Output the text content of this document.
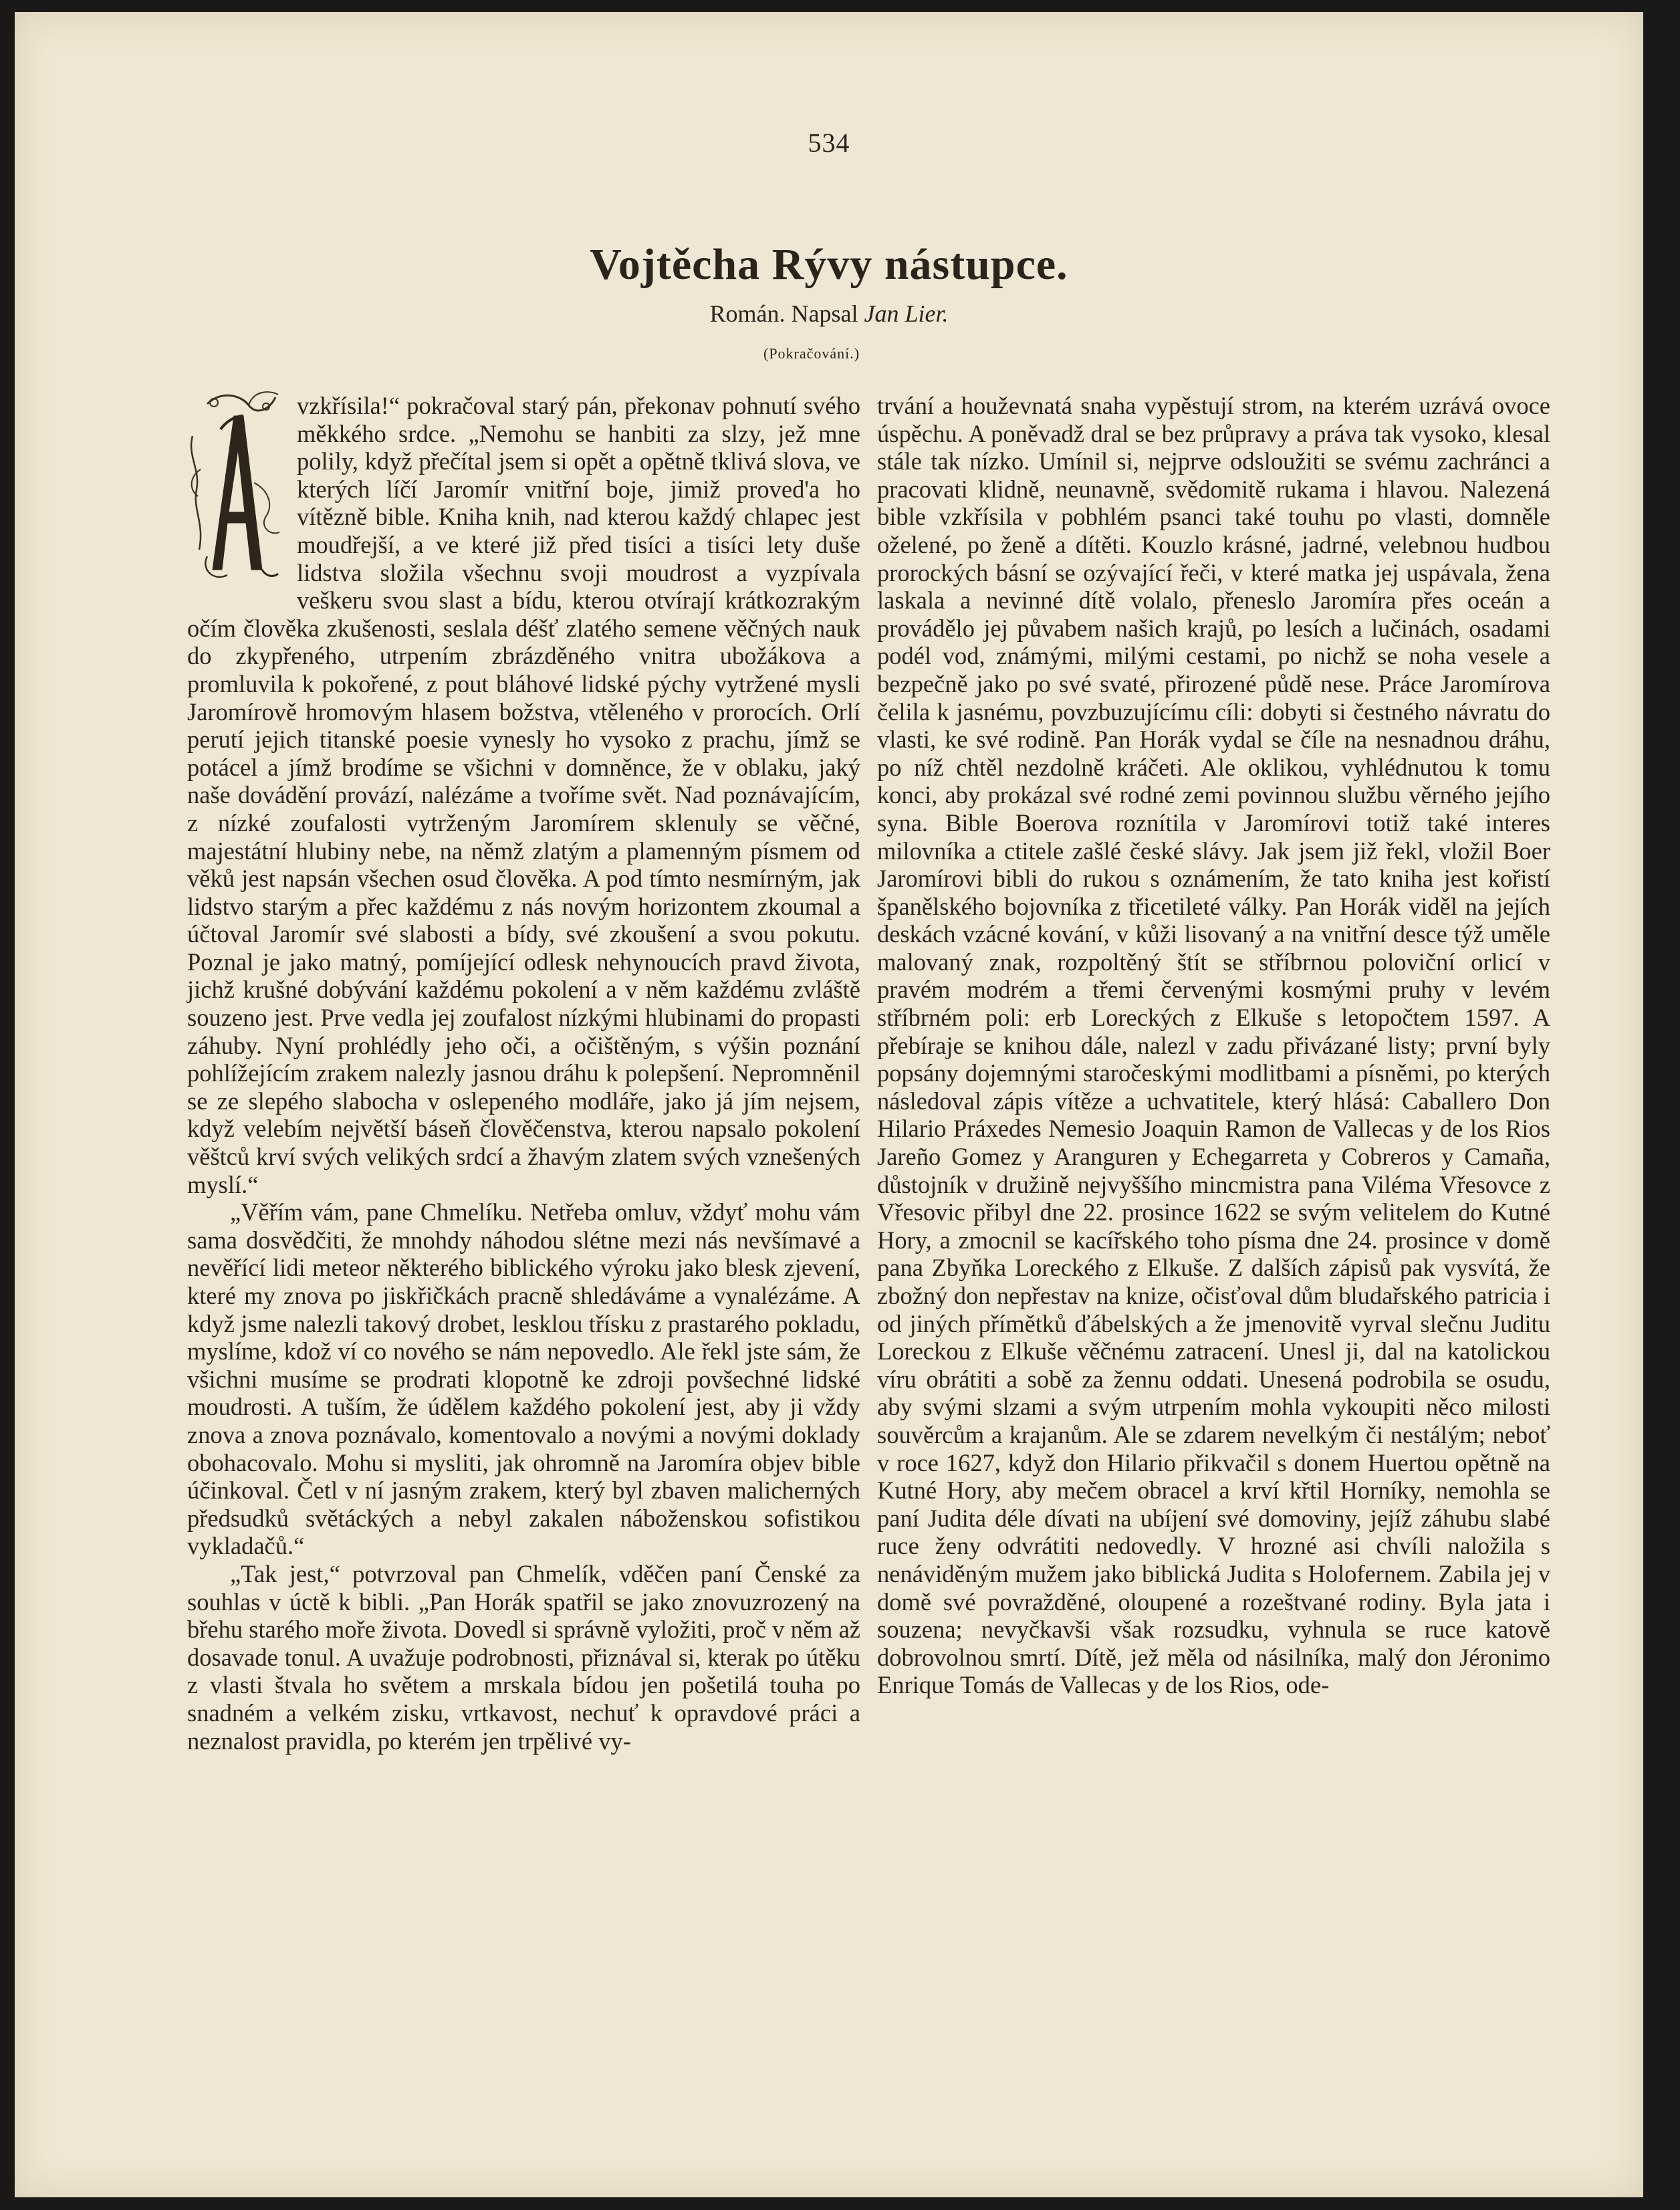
534
Vojtěcha Rývy nástupce.
Román. Napsal Jan Lier.
(Pokračování.)

vzkřísila!“ pokračoval starý pán, překonav pohnutí svého měkkého srdce. „Nemohu se hanbiti za slzy, jež mne polily, když přečítal jsem si opět a opětně tklivá slova, ve kterých líčí Jaromír vnitřní boje, jimiž proved'a ho vítězně bible. Kniha knih, nad kterou každý chlapec jest moudřejší, a ve které již před tisíci a tisíci lety duše lidstva složila všechnu svoji moudrost a vyzpívala veškeru svou slast a bídu, kterou otvírají krátkozrakým očím člověka zkušenosti, seslala déšť zlatého semene věčných nauk do zkypřeného, utrpením zbrázděného vnitra ubožákova a promluvila k pokořené, z pout bláhové lidské pýchy vytržené mysli Jaromírově hromovým hlasem božstva, vtěleného v prorocích. Orlí perutí jejich titanské poesie vynesly ho vysoko z prachu, jímž se potácel a jímž brodíme se všichni v domněnce, že v oblaku, jaký naše dovádění provází, nalézáme a tvoříme svět. Nad poznávajícím, z nízké zoufalosti vytrženým Jaromírem sklenuly se věčné, majestátní hlubiny nebe, na němž zlatým a plamenným písmem od věků jest napsán všechen osud člověka. A pod tímto nesmírným, jak lidstvo starým a přec každému z nás novým horizontem zkoumal a účtoval Jaromír své slabosti a bídy, své zkoušení a svou pokutu. Poznal je jako matný, pomíjející odlesk nehynoucích pravd života, jichž krušné dobývání každému pokolení a v něm každému zvláště souzeno jest. Prve vedla jej zoufalost nízkými hlubinami do propasti záhuby. Nyní prohlédly jeho oči, a očištěným, s výšin poznání pohlížejícím zrakem nalezly jasnou dráhu k polepšení. Nepromněnil se ze slepého slabocha v oslepeného modláře, jako já jím nejsem, když velebím největší báseň člověčenstva, kterou napsalo pokolení věštců krví svých velikých srdcí a žhavým zlatem svých vznešených myslí.“

„Věřím vám, pane Chmelíku. Netřeba omluv, vždyť mohu vám sama dosvědčiti, že mnohdy náhodou slétne mezi nás nevšímavé a nevěřící lidi meteor některého biblického výroku jako blesk zjevení, které my znova po jiskřičkách pracně shledáváme a vynalézáme. A když jsme nalezli takový drobet, lesklou třísku z prastarého pokladu, myslíme, kdož ví co nového se nám nepovedlo. Ale řekl jste sám, že všichni musíme se prodrati klopotně ke zdroji povšechné lidské moudrosti. A tuším, že údělem každého pokolení jest, aby ji vždy znova a znova poznávalo, komentovalo a novými a novými doklady obohacovalo. Mohu si mysliti, jak ohromně na Jaromíra objev bible účinkoval. Četl v ní jasným zrakem, který byl zbaven malicherných předsudků světáckých a nebyl zakalen náboženskou sofistikou vykladačů.“

„Tak jest,“ potvrzoval pan Chmelík, vděčen paní Čenské za souhlas v úctě k bibli. „Pan Horák spatřil se jako znovuzrozený na břehu starého moře života. Dovedl si správně vyložiti, proč v něm až dosavade tonul. A uvažuje podrobnosti, přiznával si, kterak po útěku z vlasti štvala ho světem a mrskala bídou jen pošetilá touha po snadném a velkém zisku, vrtkavost, nechuť k opravdové práci a neznalost pravidla, po kterém jen trpělivé vy-

trvání a houževnatá snaha vypěstují strom, na kterém uzrává ovoce úspěchu. A poněvadž dral se bez průpravy a práva tak vysoko, klesal stále tak nízko. Umínil si, nejprve odsloužiti se svému zachránci a pracovati klidně, neunavně, svědomitě rukama i hlavou. Nalezená bible vzkřísila v pobhlém psanci také touhu po vlasti, domněle oželené, po ženě a dítěti. Kouzlo krásné, jadrné, velebnou hudbou prorockých básní se ozývající řeči, v které matka jej uspávala, žena laskala a nevinné dítě volalo, přeneslo Jaromíra přes oceán a provádělo jej půvabem našich krajů, po lesích a lučinách, osadami podél vod, známými, milými cestami, po nichž se noha vesele a bezpečně jako po své svaté, přirozené půdě nese. Práce Jaromírova čelila k jasnému, povzbuzujícímu cíli: dobyti si čestného návratu do vlasti, ke své rodině. Pan Horák vydal se číle na nesnadnou dráhu, po níž chtěl nezdolně kráčeti. Ale oklikou, vyhlédnutou k tomu konci, aby prokázal své rodné zemi povinnou službu věrného jejího syna. Bible Boerova roznítila v Jaromírovi totiž také interes milovníka a ctitele zašlé české slávy. Jak jsem již řekl, vložil Boer Jaromírovi bibli do rukou s oznámením, že tato kniha jest kořistí španělského bojovníka z třicetileté války. Pan Horák viděl na jejích deskách vzácné kování, v kůži lisovaný a na vnitřní desce týž uměle malovaný znak, rozpoltěný štít se stříbrnou poloviční orlicí v pravém modrém a třemi červenými kosmými pruhy v levém stříbrném poli: erb Loreckých z Elkuše s letopočtem 1597. A přebíraje se knihou dále, nalezl v zadu přivázané listy; první byly popsány dojemnými staročeskými modlitbami a písněmi, po kterých následoval zápis vítěze a uchvatitele, který hlásá: Caballero Don Hilario Práxedes Nemesio Joaquin Ramon de Vallecas y de los Rios Jareño Gomez y Aranguren y Echegarreta y Cobreros y Camaña, důstojník v družině nejvyššího mincmistra pana Viléma Vřesovce z Vřesovic přibyl dne 22. prosince 1622 se svým velitelem do Kutné Hory, a zmocnil se kacířského toho písma dne 24. prosince v domě pana Zbyňka Loreckého z Elkuše. Z dalších zápisů pak vysvítá, že zbožný don nepřestav na knize, očisťoval dům bludařského patricia i od jiných přímětků ďábelských a že jmenovitě vyrval slečnu Juditu Loreckou z Elkuše věčnému zatracení. Unesl ji, dal na katolickou víru obrátiti a sobě za žennu oddati. Unesená podrobila se osudu, aby svými slzami a svým utrpením mohla vykoupiti něco milosti souvěrcům a krajanům. Ale se zdarem nevelkým či nestálým; neboť v roce 1627, když don Hilario přikvačil s donem Huertou opětně na Kutné Hory, aby mečem obracel a krví křtil Horníky, nemohla se paní Judita déle dívati na ubíjení své domoviny, jejíž záhubu slabé ruce ženy odvrátiti nedovedly. V hrozné asi chvíli naložila s nenáviděným mužem jako biblická Judita s Holofernem. Zabila jej v domě své povražděné, oloupené a rozeštvané rodiny. Byla jata i souzena; nevyčkavši však rozsudku, vyhnula se ruce katově dobrovolnou smrtí. Dítě, jež měla od násilníka, malý don Jéronimo Enrique Tomás de Vallecas y de los Rios, ode-
